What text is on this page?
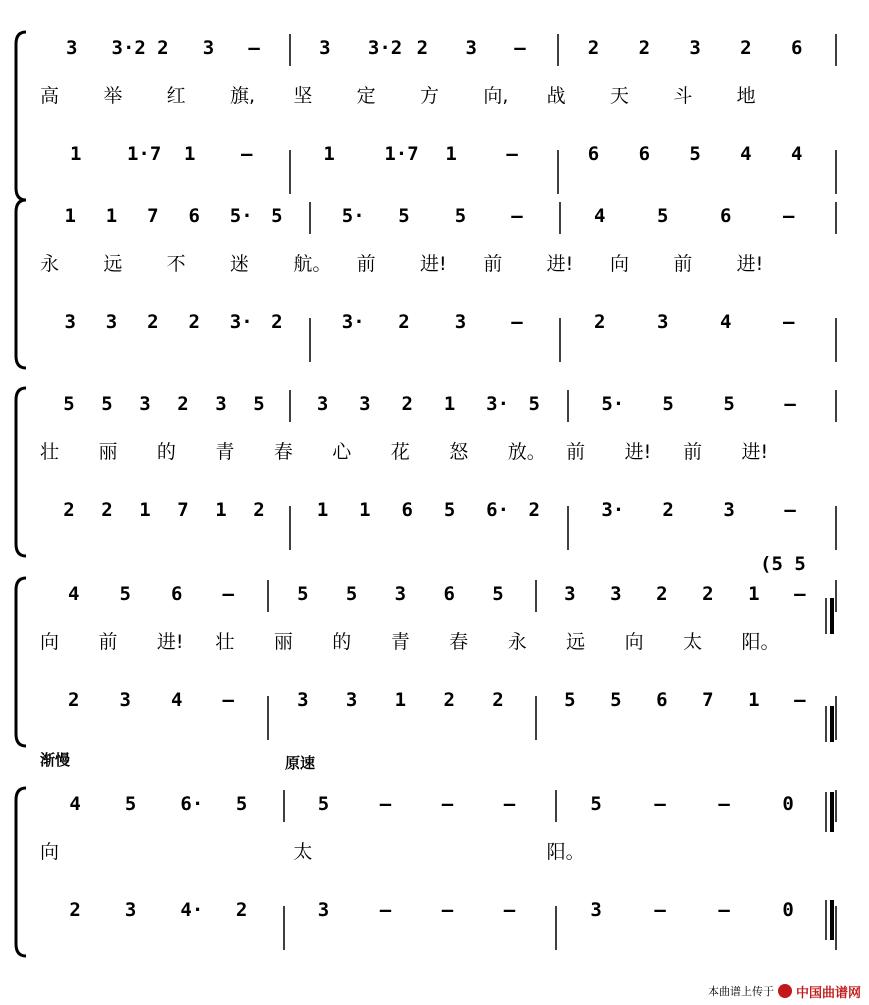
3 3·2 2 3 –	3 3·2 2 3 –	2 2 3 2 6
1 1·7 1 –	1	1·7 1	–	6 6 5 4 4
高 举 红 旗, 坚 定 方 向, 战 天 斗 地
1 1 7 6 5· 5	5· 5 5 –	4	5	6	–
3 3 2 2 3· 2	3· 2 3 –	2	3	4	–
永 远 不 迷 航。 前 进! 前 进! 向 前 进!
5 5 3 2 3 5	3 3 2 1 3· 5	5· 5	5	–
2 2 1 7 1 2	1 1 6 5 6· 2	3· 2	3	–
壮 丽 的 青 春 心 花 怒 放。 前 进! 前 进!
4 5 6 –	5 5 3 6 5	3 3 2 2 1 –
2 3 4 –	3 3 1 2 2	5 5 6 7 1 –
向 前 进! 壮 丽 的 青 春 永 远 向 太 阳。
(5 5
4 5 6· 5	5	–	–	–	5	–	–	0
2 3 4· 2	3	–	–	–	3	–	–	0
向	太	阳。
渐慢	原速
本曲谱上传于 中国曲谱网
